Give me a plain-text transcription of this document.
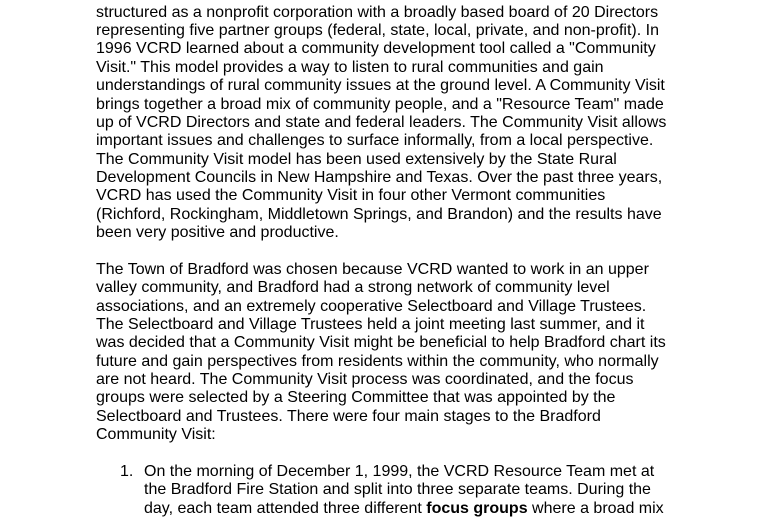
structured as a nonprofit corporation with a broadly based board of 20 Directors
representing five partner groups (federal, state, local, private, and non-profit). In
1996 VCRD learned about a community development tool called a "Community
Visit." This model provides a way to listen to rural communities and gain
understandings of rural community issues at the ground level. A Community Visit
brings together a broad mix of community people, and a "Resource Team" made
up of VCRD Directors and state and federal leaders. The Community Visit allows
important issues and challenges to surface informally, from a local perspective.
The Community Visit model has been used extensively by the State Rural
Development Councils in New Hampshire and Texas. Over the past three years,
VCRD has used the Community Visit in four other Vermont communities
(Richford, Rockingham, Middletown Springs, and Brandon) and the results have
been very positive and productive.
The Town of Bradford was chosen because VCRD wanted to work in an upper
valley community, and Bradford had a strong network of community level
associations, and an extremely cooperative Selectboard and Village Trustees.
The Selectboard and Village Trustees held a joint meeting last summer, and it
was decided that a Community Visit might be beneficial to help Bradford chart its
future and gain perspectives from residents within the community, who normally
are not heard. The Community Visit process was coordinated, and the focus
groups were selected by a Steering Committee that was appointed by the
Selectboard and Trustees. There were four main stages to the Bradford
Community Visit:
1. On the morning of December 1, 1999, the VCRD Resource Team met at
the Bradford Fire Station and split into three separate teams. During the
day, each team attended three different focus groups where a broad mix
